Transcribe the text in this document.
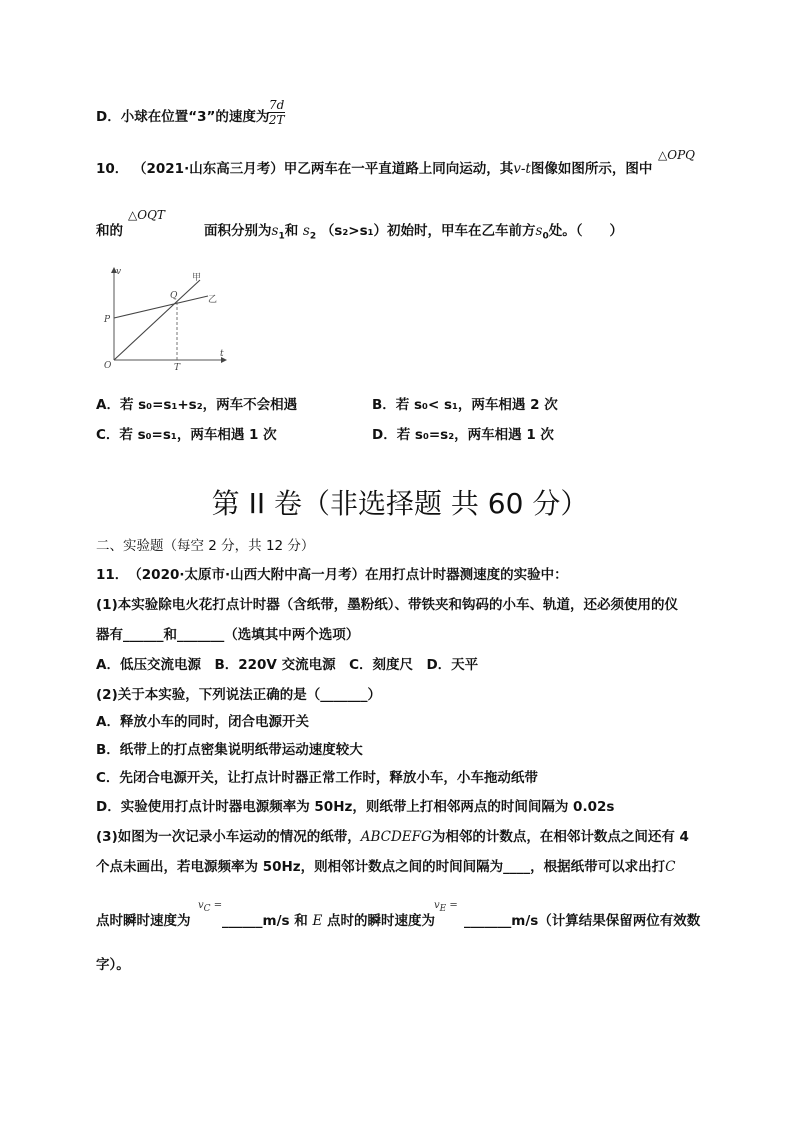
D．小球在位置“3”的速度为
$\frac{7d}{2T}$
10． （2021·山东高三月考）甲乙两车在一平直道路上同向运动，其v-t图像如图所示，图中
△OPQ
和的
△OQT
面积分别为$s_1$和 $s_2$ （s₂>s₁）初始时，甲车在乙车前方$s_0$处。（　　）
v
t
O
P
Q
T
甲
乙
A．若 s₀=s₁+s₂，两车不会相遇	B．若 s₀< s₁，两车相遇 2 次
C．若 s₀=s₁，两车相遇 1 次	D．若 s₀=s₂，两车相遇 1 次
第 II 卷（非选择题 共 60 分）
二、实验题（每空 2 分，共 12 分）
11．　（2020·太原市·山西大附中高一月考）在用打点计时器测速度的实验中：
(1)本实验除电火花打点计时器（含纸带，墨粉纸）、带铁夹和钩码的小车、轨道，还必须使用的仪
器有______和_______（选填其中两个选项）
A．低压交流电源　B．220V 交流电源　C．刻度尺　D．天平
(2)关于本实验，下列说法正确的是（_______）
A．释放小车的同时，闭合电源开关
B．纸带上的打点密集说明纸带运动速度较大
C．先闭合电源开关，让打点计时器正常工作时，释放小车，小车拖动纸带
D．实验使用打点计时器电源频率为 50Hz，则纸带上打相邻两点的时间间隔为 0.02s
(3)如图为一次记录小车运动的情况的纸带，ABCDEFG为相邻的计数点，在相邻计数点之间还有 4
个点未画出，若电源频率为 50Hz，则相邻计数点之间的时间间隔为____，根据纸带可以求出打C
点时瞬时速度为
$v_C$ =
______m/s 和 E 点时的瞬时速度为
$v_E$ =
_______m/s（计算结果保留两位有效数
字）。
